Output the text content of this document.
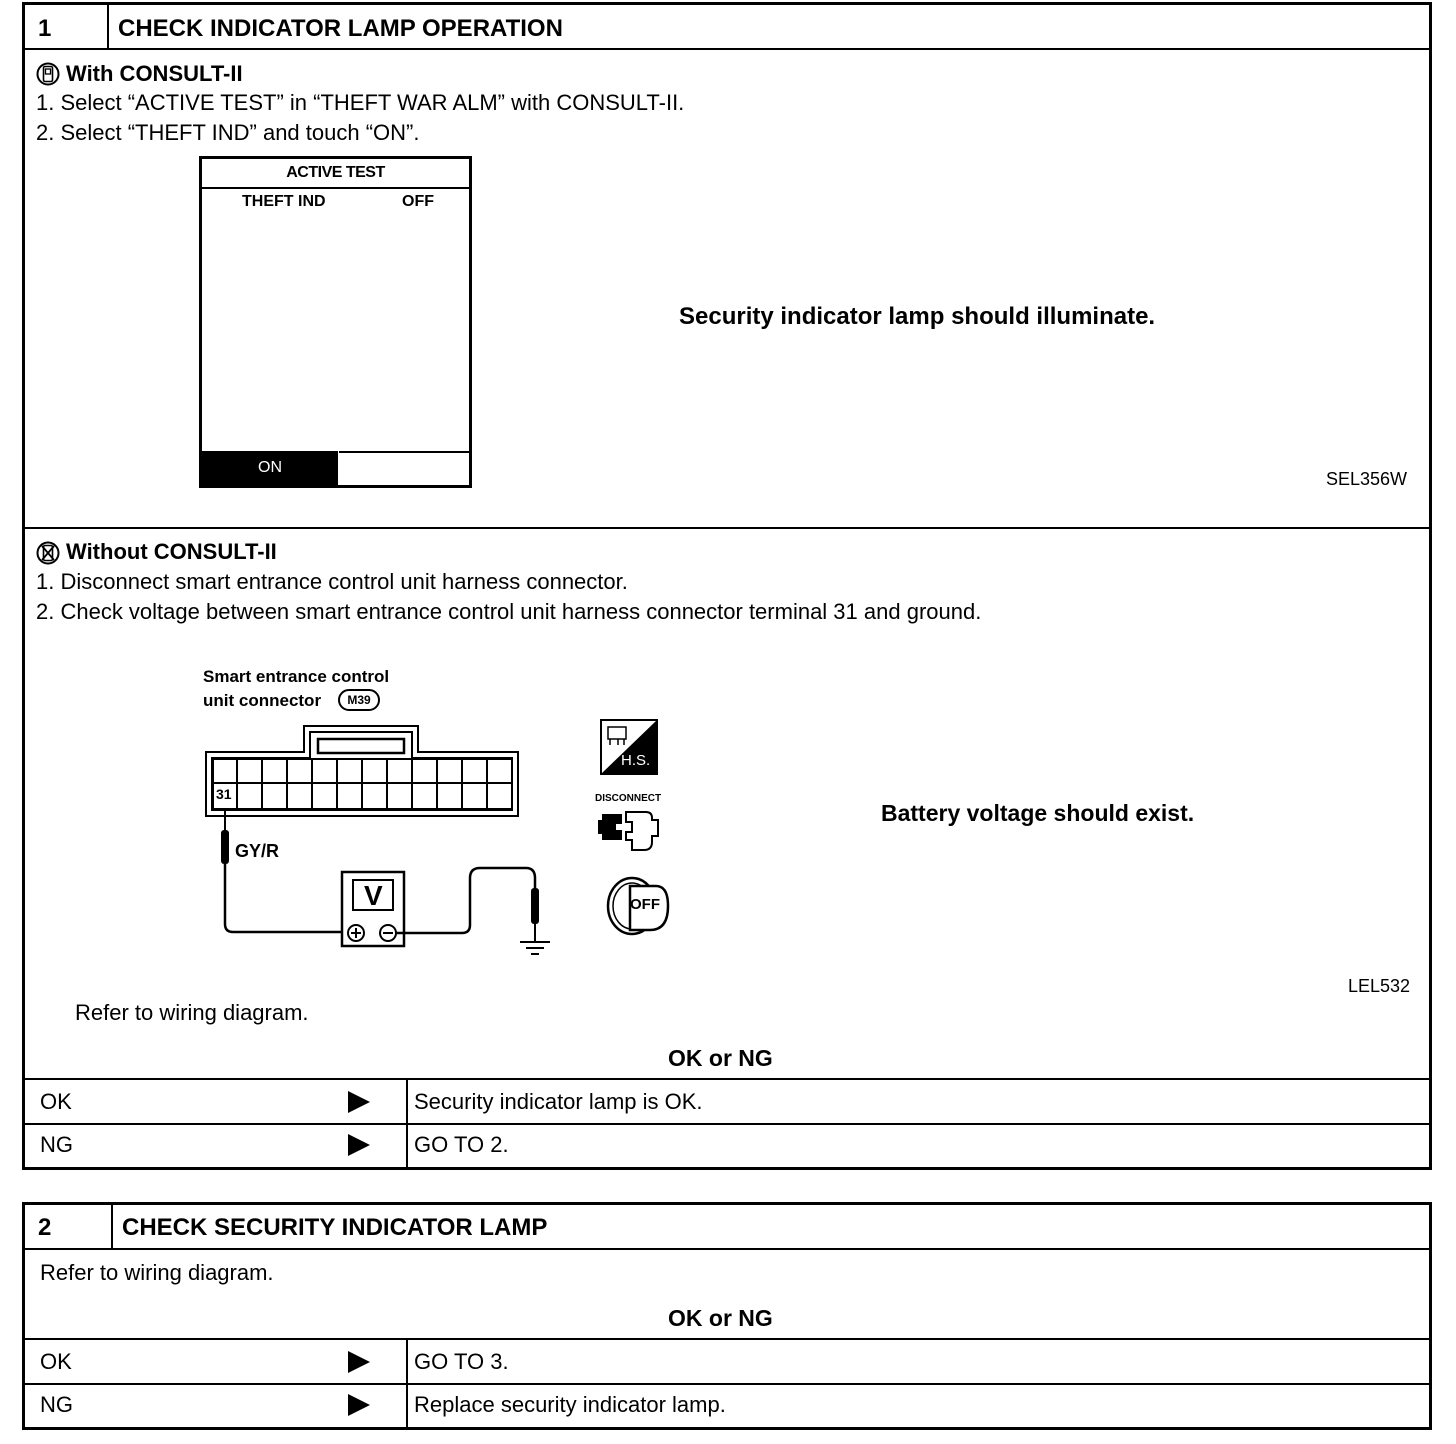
1	CHECK INDICATOR LAMP OPERATION
With CONSULT-II
1. Select “ACTIVE TEST” in “THEFT WAR ALM” with CONSULT-II.
2. Select “THEFT IND” and touch “ON”.
ACTIVE TEST
THEFT IND	OFF
ON
Security indicator lamp should illuminate.
SEL356W
Without CONSULT-II
1. Disconnect smart entrance control unit harness connector.
2. Check voltage between smart entrance control unit harness connector terminal 31 and ground.
Smart entrance control
unit connector	M39
31
GY/R
V
H.S.
DISCONNECT
OFF
Battery voltage should exist.
LEL532
Refer to wiring diagram.
OK or NG
OK	Security indicator lamp is OK.
NG	GO TO 2.
2	CHECK SECURITY INDICATOR LAMP
Refer to wiring diagram.
OK or NG
OK	GO TO 3.
NG	Replace security indicator lamp.
